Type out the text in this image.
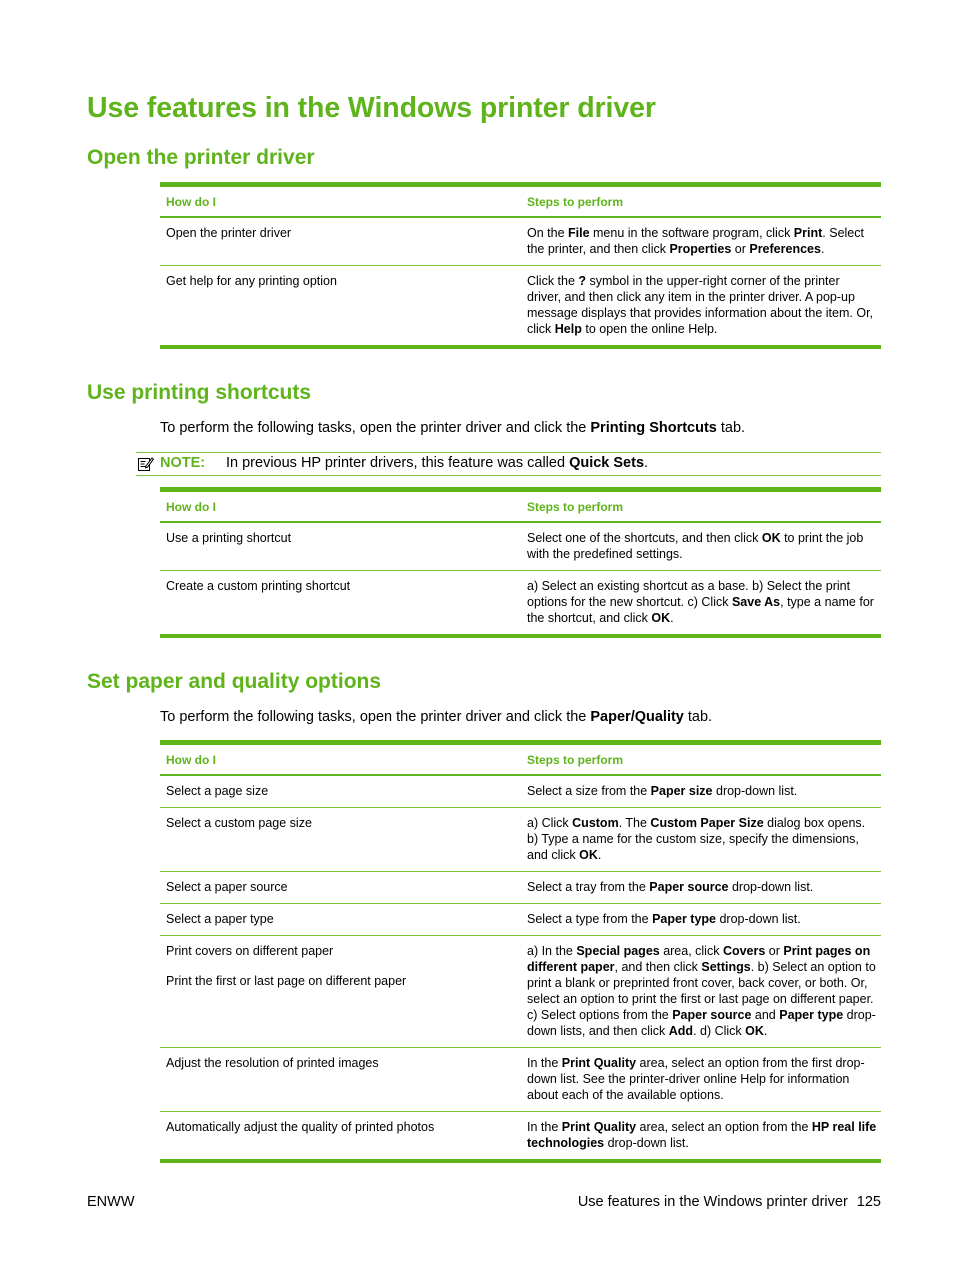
Use features in the Windows printer driver
Open the printer driver
How do I	Steps to perform

Open the printer driver	On the File menu in the software program, click Print. Select the printer, and then click Properties or Preferences.

Get help for any printing option	Click the ? symbol in the upper-right corner of the printer driver, and then click any item in the printer driver. A pop-up message displays that provides information about the item. Or, click Help to open the online Help.
Use printing shortcuts

To perform the following tasks, open the printer driver and click the Printing Shortcuts tab.

NOTE: In previous HP printer drivers, this feature was called Quick Sets.
How do I	Steps to perform

Use a printing shortcut	Select one of the shortcuts, and then click OK to print the job with the predefined settings.

Create a custom printing shortcut	a) Select an existing shortcut as a base. b) Select the print options for the new shortcut. c) Click Save As, type a name for the shortcut, and click OK.
Set paper and quality options

To perform the following tasks, open the printer driver and click the Paper/Quality tab.

How do I	Steps to perform

Select a page size	Select a size from the Paper size drop-down list.

Select a custom page size	a) Click Custom. The Custom Paper Size dialog box opens. b) Type a name for the custom size, specify the dimensions, and click OK.

Select a paper source	Select a tray from the Paper source drop-down list.

Select a paper type	Select a type from the Paper type drop-down list.

Print covers on different paper
Print the first or last page on different paper	a) In the Special pages area, click Covers or Print pages on different paper, and then click Settings. b) Select an option to print a blank or preprinted front cover, back cover, or both. Or, select an option to print the first or last page on different paper. c) Select options from the Paper source and Paper type drop-down lists, and then click Add. d) Click OK.

Adjust the resolution of printed images	In the Print Quality area, select an option from the first drop-down list. See the printer-driver online Help for information about each of the available options.

Automatically adjust the quality of printed photos	In the Print Quality area, select an option from the HP real life technologies drop-down list.
ENWW	Use features in the Windows printer driver 125
